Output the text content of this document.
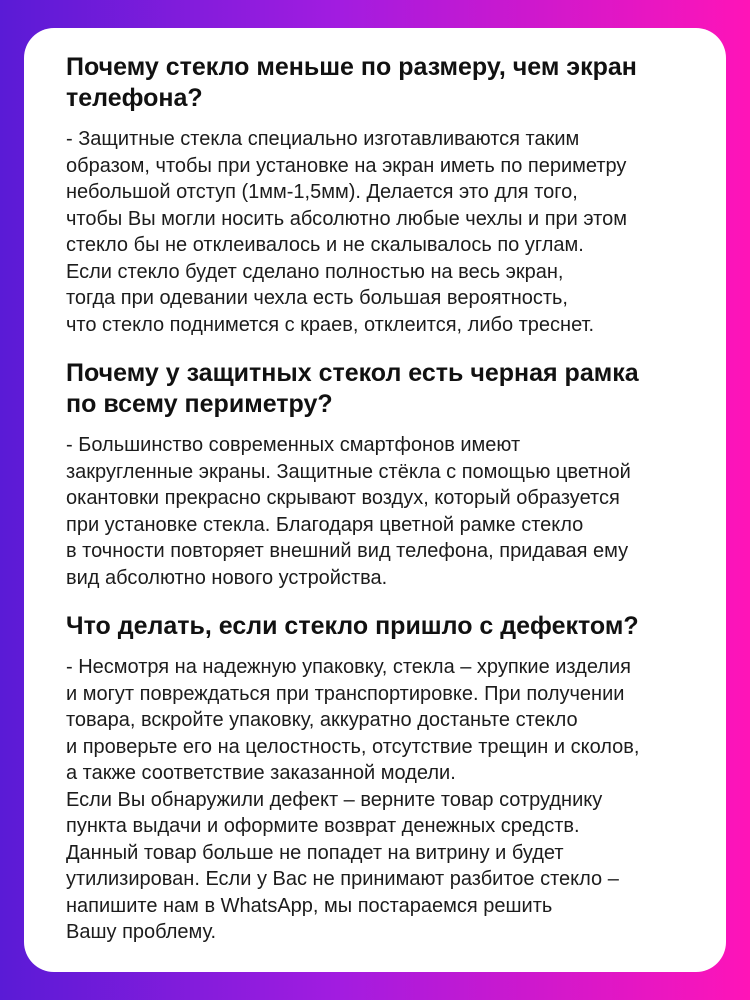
Почему стекло меньше по размеру, чем экран
телефона?

- Защитные стекла специально изготавливаются таким
образом, чтобы при установке на экран иметь по периметру
небольшой отступ (1мм-1,5мм). Делается это для того,
чтобы Вы могли носить абсолютно любые чехлы и при этом
стекло бы не отклеивалось и не скалывалось по углам.
Если стекло будет сделано полностью на весь экран,
тогда при одевании чехла есть большая вероятность,
что стекло поднимется с краев, отклеится, либо треснет.

Почему у защитных стекол есть черная рамка
по всему периметру?

- Большинство современных смартфонов имеют
закругленные экраны. Защитные стёкла с помощью цветной
окантовки прекрасно скрывают воздух, который образуется
при установке стекла. Благодаря цветной рамке стекло
в точности повторяет внешний вид телефона, придавая ему
вид абсолютно нового устройства.

Что делать, если стекло пришло с дефектом?

- Несмотря на надежную упаковку, стекла – хрупкие изделия
и могут повреждаться при транспортировке. При получении
товара, вскройте упаковку, аккуратно достаньте стекло
и проверьте его на целостность, отсутствие трещин и сколов,
а также соответствие заказанной модели.
Если Вы обнаружили дефект – верните товар сотруднику
пункта выдачи и оформите возврат денежных средств.
Данный товар больше не попадет на витрину и будет
утилизирован. Если у Вас не принимают разбитое стекло –
напишите нам в WhatsApp, мы постараемся решить
Вашу проблему.
